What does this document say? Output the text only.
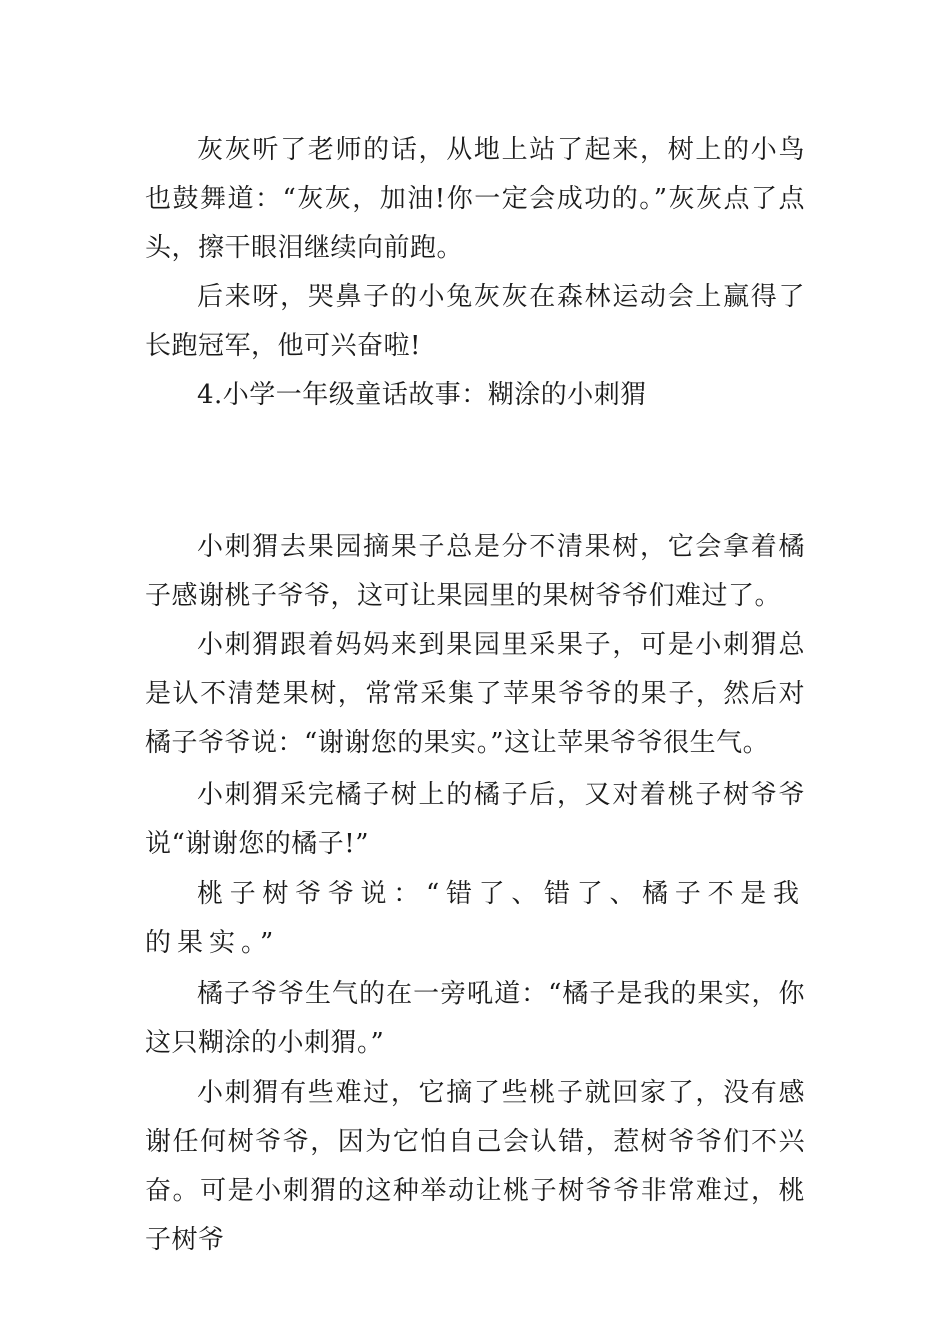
灰灰听了老师的话，从地上站了起来，树上的小鸟也鼓舞道：“灰灰，加油!你一定会成功的。”灰灰点了点头，擦干眼泪继续向前跑。

后来呀，哭鼻子的小兔灰灰在森林运动会上赢得了长跑冠军，他可兴奋啦!

4.小学一年级童话故事：糊涂的小刺猬

小刺猬去果园摘果子总是分不清果树，它会拿着橘子感谢桃子爷爷，这可让果园里的果树爷爷们难过了。

小刺猬跟着妈妈来到果园里采果子，可是小刺猬总是认不清楚果树，常常采集了苹果爷爷的果子，然后对橘子爷爷说：“谢谢您的果实。”这让苹果爷爷很生气。

小刺猬采完橘子树上的橘子后，又对着桃子树爷爷说“谢谢您的橘子!”

桃子树爷爷说：“错了、错了、橘子不是我的果实。”

橘子爷爷生气的在一旁吼道：“橘子是我的果实，你这只糊涂的小刺猬。”

小刺猬有些难过，它摘了些桃子就回家了，没有感谢任何树爷爷，因为它怕自己会认错，惹树爷爷们不兴奋。可是小刺猬的这种举动让桃子树爷爷非常难过，桃子树爷
